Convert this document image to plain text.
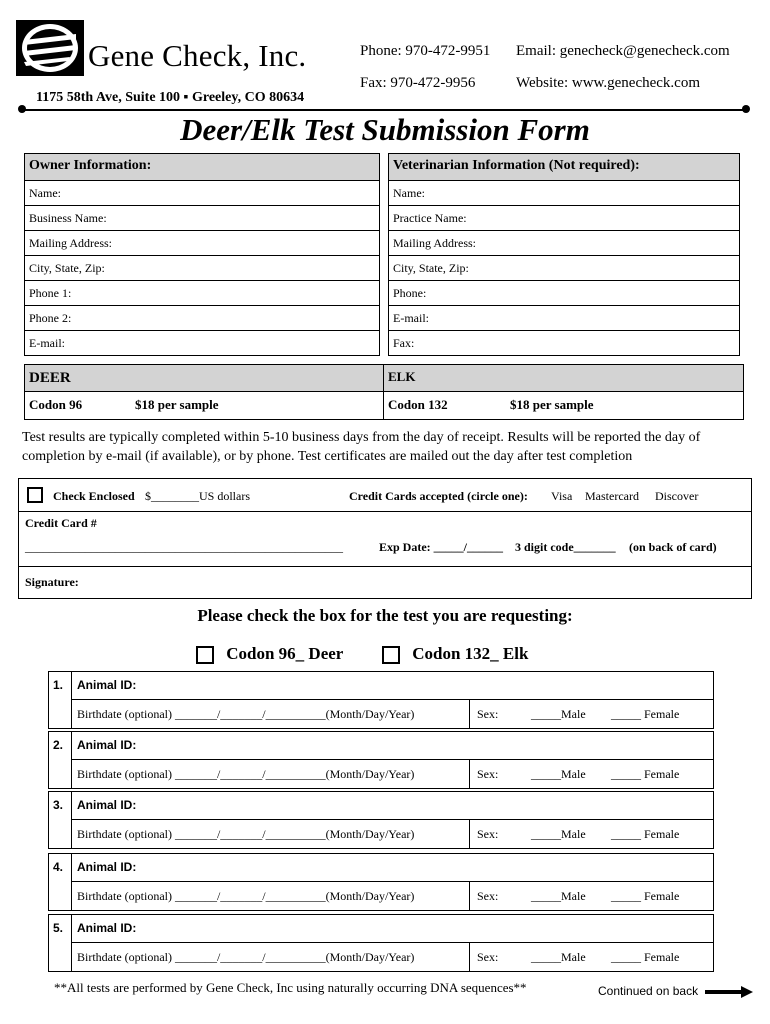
Gene Check, Inc.
1175 58th Ave, Suite 100 ▪ Greeley, CO 80634
Phone: 970-472-9951
Fax: 970-472-9956
Email: genecheck@genecheck.com
Website: www.genecheck.com
Deer/Elk Test Submission Form
Owner Information:
Name:
Business Name:
Mailing Address:
City, State, Zip:
Phone 1:
Phone 2:
E-mail:
Veterinarian Information (Not required):
Name:
Practice Name:
Mailing Address:
City, State, Zip:
Phone:
E-mail:
Fax:
DEER
Codon 96	$18 per sample
ELK
Codon 132	$18 per sample
Test results are typically completed within 5-10 business days from the day of receipt. Results will be reported the day of completion by e-mail (if available), or by phone. Test certificates are mailed out the day after test completion
Check Enclosed $________US dollars	Credit Cards accepted (circle one): Visa Mastercard Discover
Credit Card #
_____________________________________________________	Exp Date: _____/______ 3 digit code_______ (on back of card)
Signature:
Please check the box for the test you are requesting:
Codon 96_ Deer	Codon 132_ Elk
1. Animal ID:
Birthdate (optional) _______/_______/__________(Month/Day/Year)	Sex:	_____Male _____ Female
2. Animal ID:
Birthdate (optional) _______/_______/__________(Month/Day/Year)	Sex:	_____Male _____ Female
3. Animal ID:
Birthdate (optional) _______/_______/__________(Month/Day/Year)	Sex:	_____Male _____ Female
4. Animal ID:
Birthdate (optional) _______/_______/__________(Month/Day/Year)	Sex:	_____Male _____ Female
5. Animal ID:
Birthdate (optional) _______/_______/__________(Month/Day/Year)	Sex:	_____Male _____ Female
**All tests are performed by Gene Check, Inc using naturally occurring DNA sequences**	Continued on back
